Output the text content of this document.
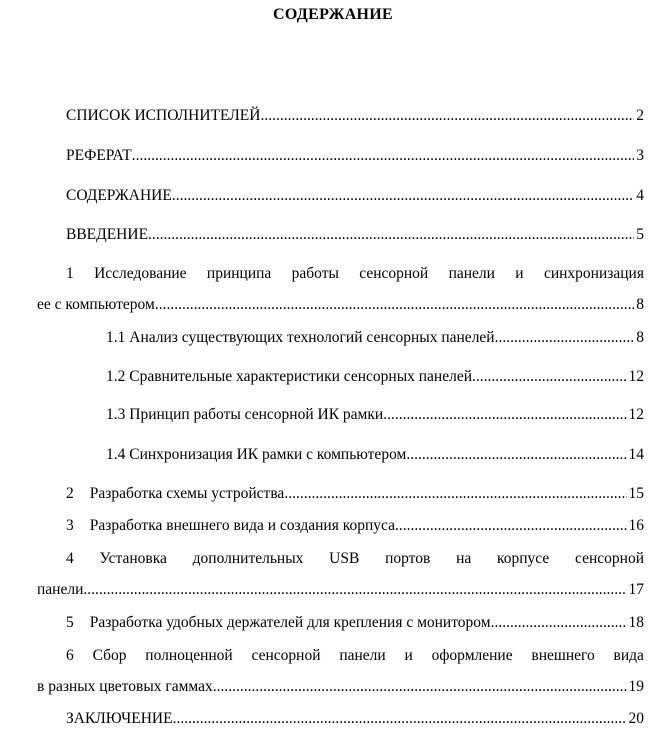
СОДЕРЖАНИЕ
СПИСОК ИСПОЛНИТЕЛЕЙ .....	2
РЕФЕРАТ .....	3
СОДЕРЖАНИЕ .....	4
ВВЕДЕНИЕ .....	5
1 Исследование принципа работы сенсорной панели и синхронизация
ее с компьютером .....	8
1.1 Анализ существующих технологий сенсорных панелей .....	8
1.2 Сравнительные характеристики сенсорных панелей .....	12
1.3 Принцип работы сенсорной ИК рамки .....	12
1.4 Синхронизация ИК рамки с компьютером .....	14
2 Разработка схемы устройства .....	15
3 Разработка внешнего вида и создания корпуса .....	16
4 Установка дополнительных USB портов на корпусе сенсорной
панели .....	17
5 Разработка удобных держателей для крепления с монитором .....	18
6 Сбор полноценной сенсорной панели и оформление внешнего вида
в разных цветовых гаммах .....	19
ЗАКЛЮЧЕНИЕ .....	20
